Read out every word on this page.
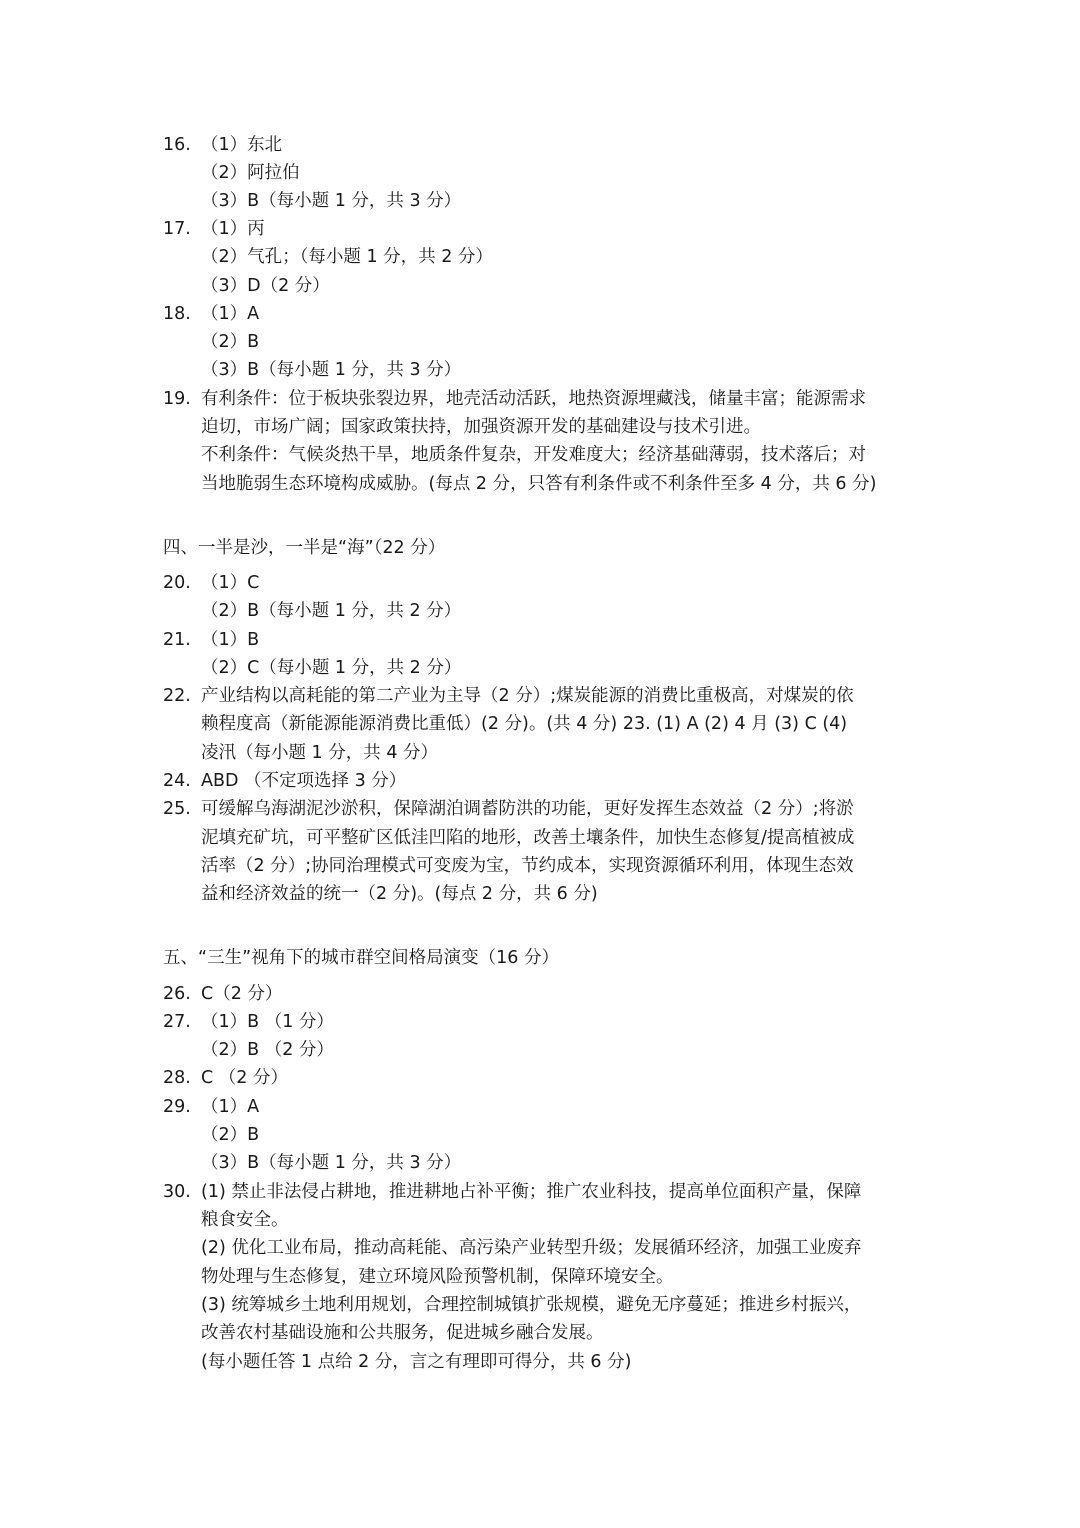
16. （1）东北
（2）阿拉伯
（3）B（每小题 1 分，共 3 分）
17. （1）丙
（2）气孔；（每小题 1 分，共 2 分）
（3）D（2 分）
18. （1）A
（2）B
（3）B（每小题 1 分，共 3 分）
19. 有利条件：位于板块张裂边界，地壳活动活跃，地热资源埋藏浅，储量丰富；能源需求
迫切，市场广阔；国家政策扶持，加强资源开发的基础建设与技术引进。
不利条件：气候炎热干旱，地质条件复杂，开发难度大；经济基础薄弱，技术落后；对
当地脆弱生态环境构成威胁。(每点 2 分，只答有利条件或不利条件至多 4 分，共 6 分)
四、一半是沙，一半是“海”（22 分）
20. （1）C
（2）B（每小题 1 分，共 2 分）
21. （1）B
（2）C（每小题 1 分，共 2 分）
22. 产业结构以高耗能的第二产业为主导（2 分）;煤炭能源的消费比重极高，对煤炭的依
赖程度高（新能源能源消费比重低）(2 分)。(共 4 分) 23. (1) A (2) 4 月 (3) C (4)
凌汛（每小题 1 分，共 4 分）
24. ABD （不定项选择 3 分）
25. 可缓解乌海湖泥沙淤积，保障湖泊调蓄防洪的功能，更好发挥生态效益（2 分）;将淤
泥填充矿坑，可平整矿区低洼凹陷的地形，改善土壤条件，加快生态修复/提高植被成
活率（2 分）;协同治理模式可变废为宝，节约成本，实现资源循环利用，体现生态效
益和经济效益的统一（2 分)。(每点 2 分，共 6 分)
五、“三生”视角下的城市群空间格局演变（16 分）
26. C（2 分）
27. （1）B （1 分）
（2）B （2 分）
28. C （2 分）
29. （1）A
（2）B
（3）B（每小题 1 分，共 3 分）
30. (1) 禁止非法侵占耕地，推进耕地占补平衡；推广农业科技，提高单位面积产量，保障
粮食安全。
(2) 优化工业布局，推动高耗能、高污染产业转型升级；发展循环经济，加强工业废弃
物处理与生态修复，建立环境风险预警机制，保障环境安全。
(3) 统筹城乡土地利用规划，合理控制城镇扩张规模，避免无序蔓延；推进乡村振兴，
改善农村基础设施和公共服务，促进城乡融合发展。
(每小题任答 1 点给 2 分，言之有理即可得分，共 6 分)
